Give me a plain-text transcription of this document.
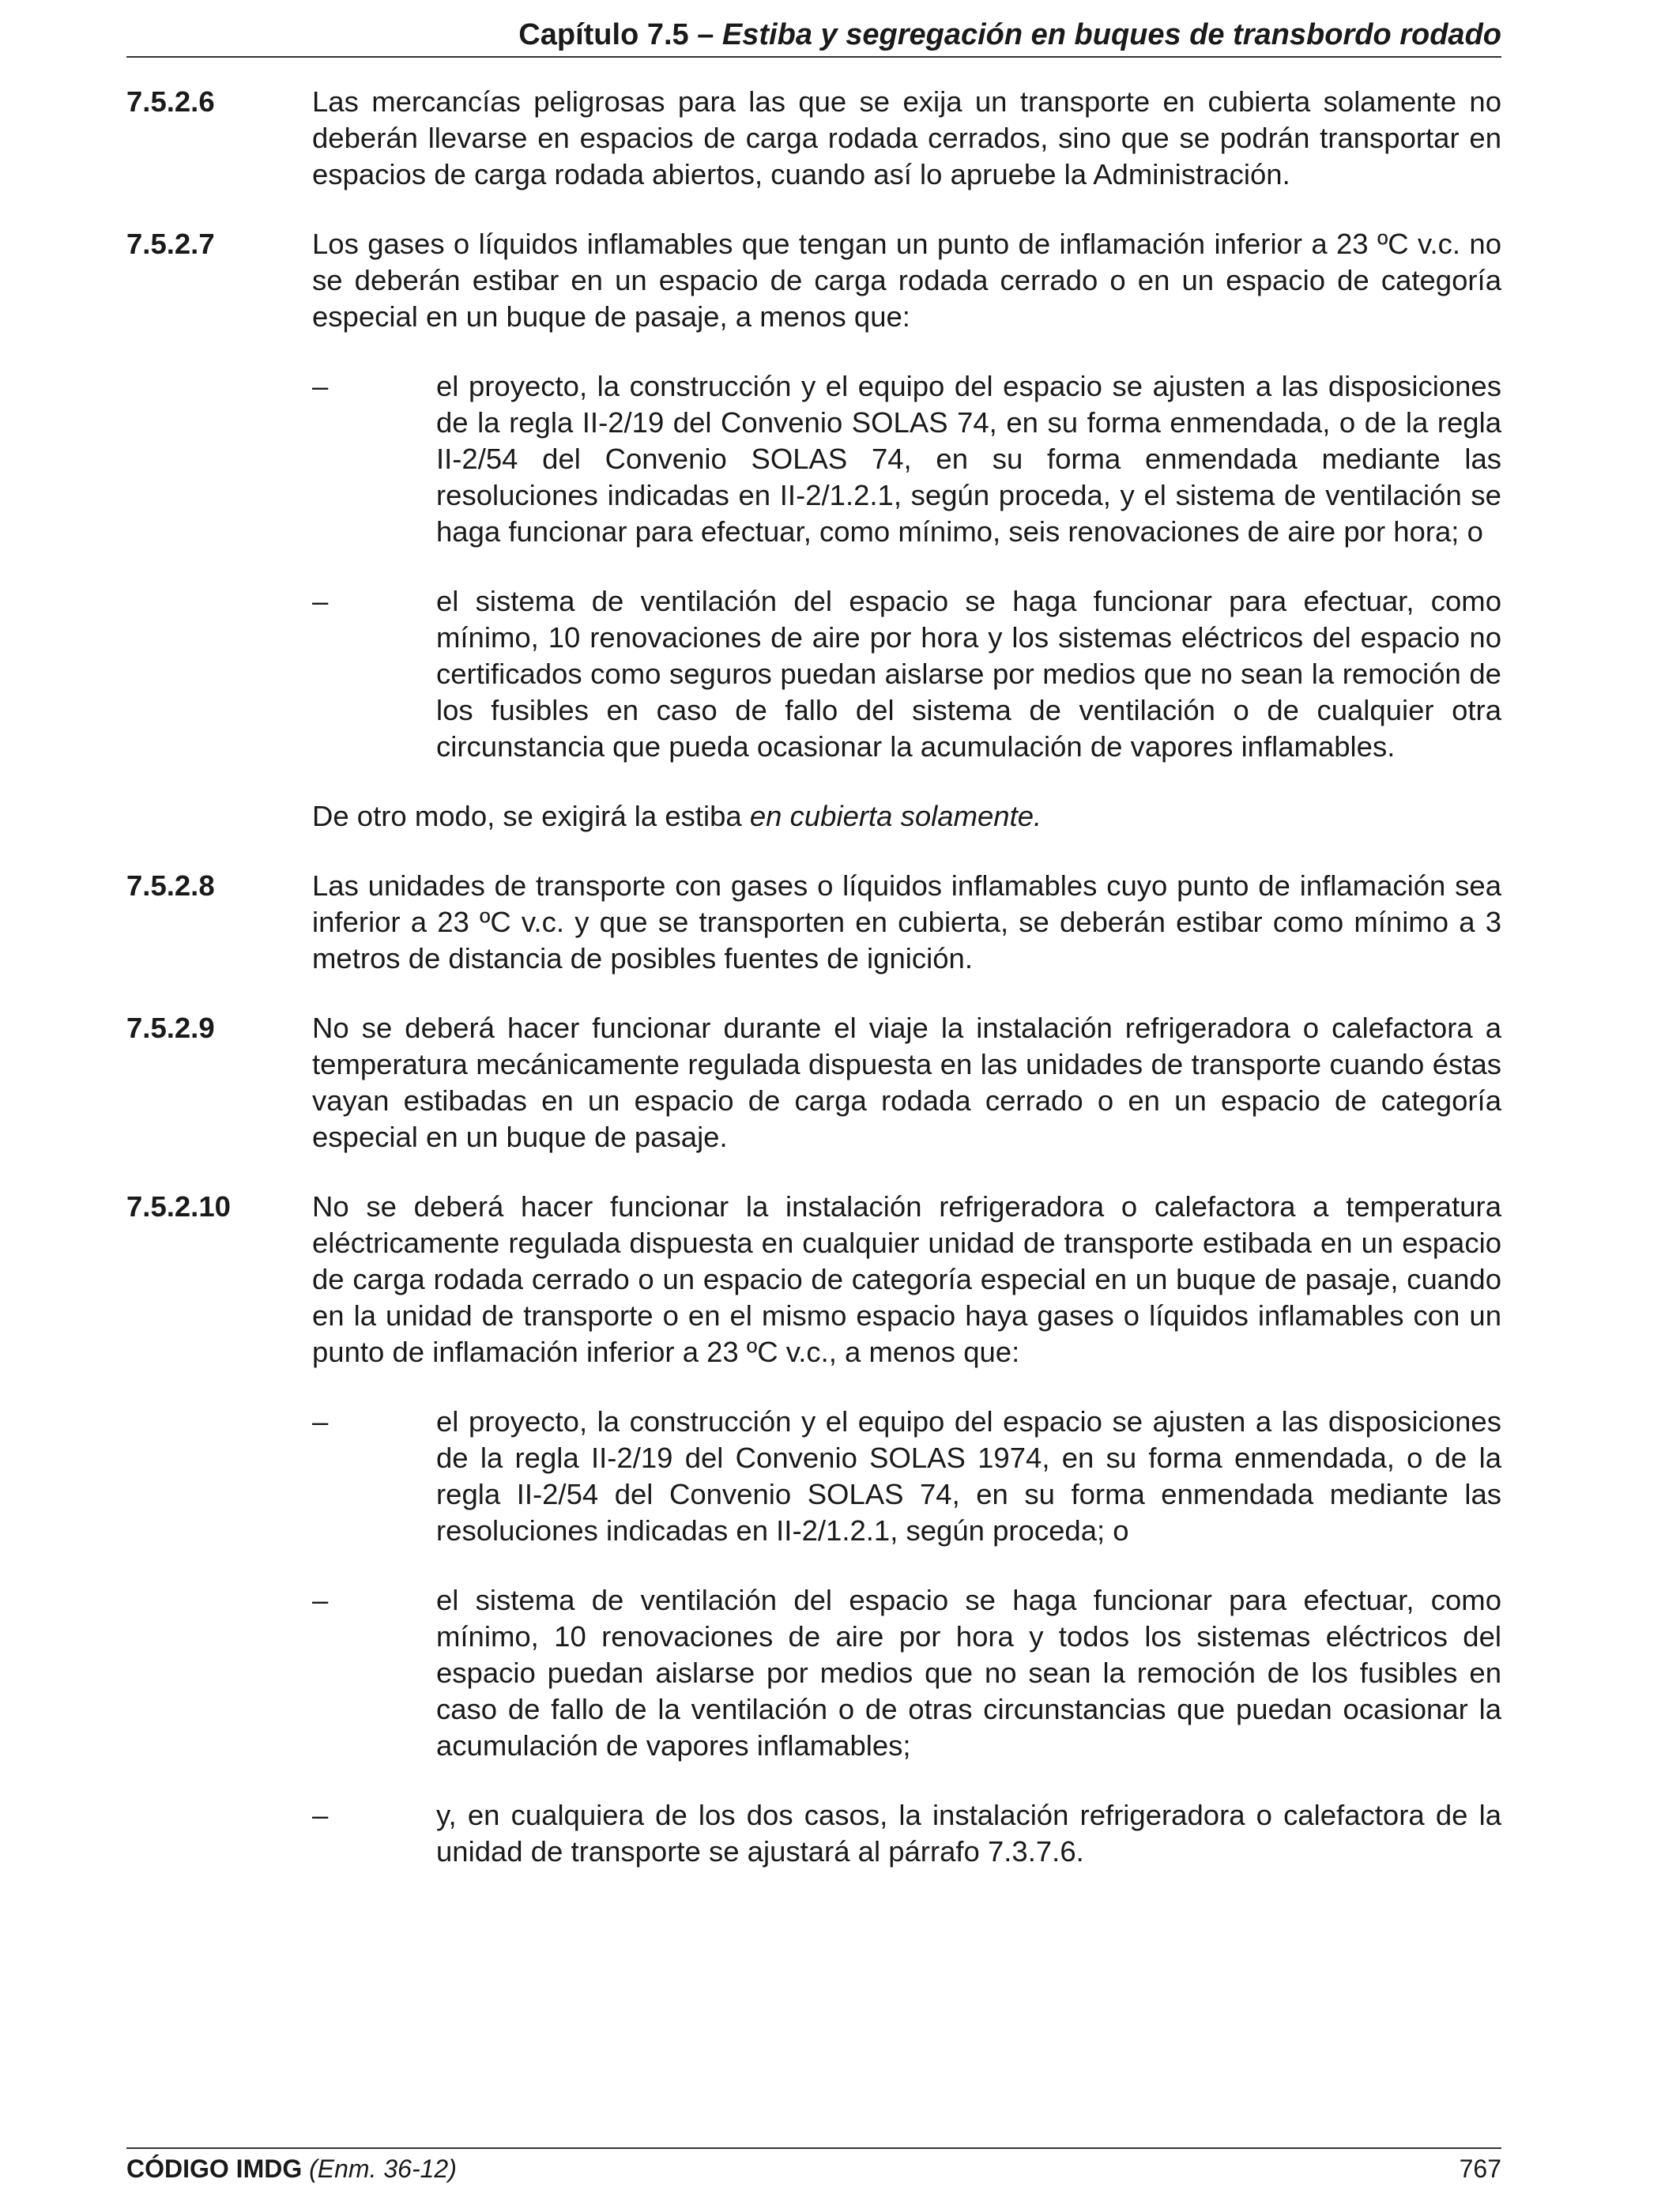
Capítulo 7.5 – Estiba y segregación en buques de transbordo rodado
7.5.2.6	Las mercancías peligrosas para las que se exija un transporte en cubierta solamente no deberán llevarse en espacios de carga rodada cerrados, sino que se podrán transportar en espacios de carga rodada abiertos, cuando así lo apruebe la Administración.

7.5.2.7	Los gases o líquidos inflamables que tengan un punto de inflamación inferior a 23 ºC v.c. no se deberán estibar en un espacio de carga rodada cerrado o en un espacio de categoría especial en un buque de pasaje, a menos que:

–	el proyecto, la construcción y el equipo del espacio se ajusten a las disposiciones de la regla II-2/19 del Convenio SOLAS 74, en su forma enmendada, o de la regla II-2/54 del Convenio SOLAS 74, en su forma enmendada mediante las resoluciones indicadas en II-2/1.2.1, según proceda, y el sistema de ventilación se haga funcionar para efectuar, como mínimo, seis renovaciones de aire por hora; o
–	el sistema de ventilación del espacio se haga funcionar para efectuar, como mínimo, 10 renovaciones de aire por hora y los sistemas eléctricos del espacio no certificados como seguros puedan aislarse por medios que no sean la remoción de los fusibles en caso de fallo del sistema de ventilación o de cualquier otra circunstancia que pueda ocasionar la acumulación de vapores inflamables.

De otro modo, se exigirá la estiba en cubierta solamente.

7.5.2.8	Las unidades de transporte con gases o líquidos inflamables cuyo punto de inflamación sea inferior a 23 ºC v.c. y que se transporten en cubierta, se deberán estibar como mínimo a 3 metros de distancia de posibles fuentes de ignición.

7.5.2.9	No se deberá hacer funcionar durante el viaje la instalación refrigeradora o calefactora a temperatura mecánicamente regulada dispuesta en las unidades de transporte cuando éstas vayan estibadas en un espacio de carga rodada cerrado o en un espacio de categoría especial en un buque de pasaje.

7.5.2.10	No se deberá hacer funcionar la instalación refrigeradora o calefactora a temperatura eléctricamente regulada dispuesta en cualquier unidad de transporte estibada en un espacio de carga rodada cerrado o un espacio de categoría especial en un buque de pasaje, cuando en la unidad de transporte o en el mismo espacio haya gases o líquidos inflamables con un punto de inflamación inferior a 23 ºC v.c., a menos que:

–	el proyecto, la construcción y el equipo del espacio se ajusten a las disposiciones de la regla II-2/19 del Convenio SOLAS 1974, en su forma enmendada, o de la regla II-2/54 del Convenio SOLAS 74, en su forma enmendada mediante las resoluciones indicadas en II-2/1.2.1, según proceda; o
–	el sistema de ventilación del espacio se haga funcionar para efectuar, como mínimo, 10 renovaciones de aire por hora y todos los sistemas eléctricos del espacio puedan aislarse por medios que no sean la remoción de los fusibles en caso de fallo de la ventilación o de otras circunstancias que puedan ocasionar la acumulación de vapores inflamables;
–	y, en cualquiera de los dos casos, la instalación refrigeradora o calefactora de la unidad de transporte se ajustará al párrafo 7.3.7.6.
CÓDIGO IMDG (Enm. 36-12)	767
